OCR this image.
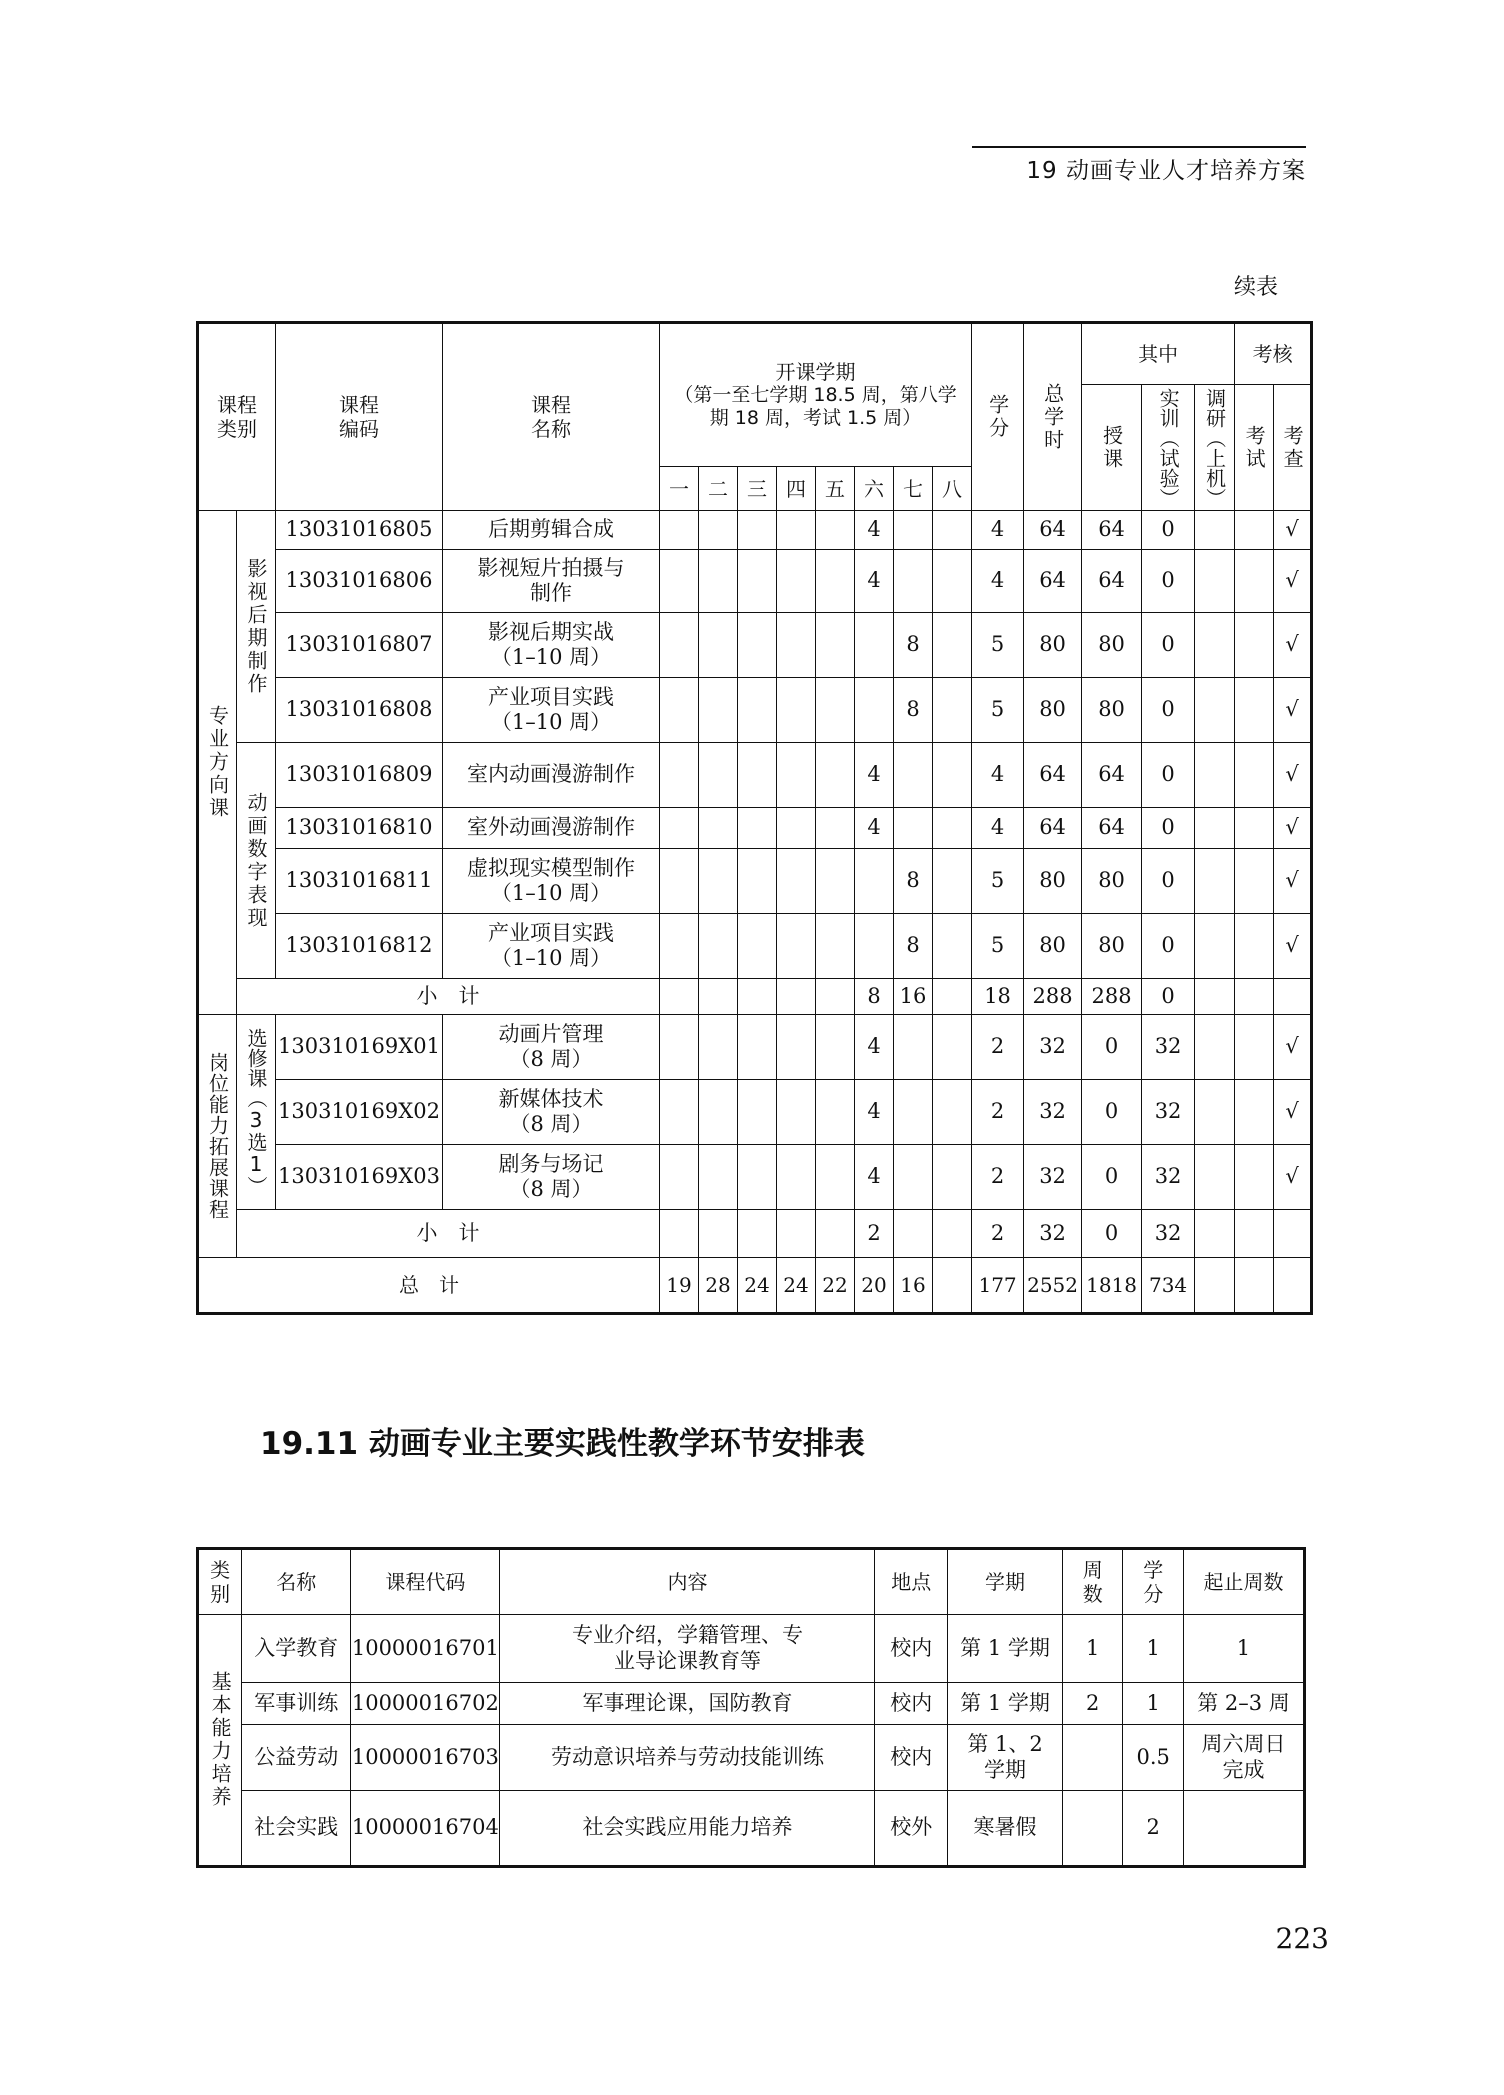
19 动画专业人才培养方案
续表
课程类别		课程编码	课程名称	开课学期
（第一至七学期 18.5 周，第八学期 18 周，考试 1.5 周）								学分	总学时	其中			考核	

														授课	实训（试验）	调研（上机）	考试	考查

				一	二	三	四	五	六	七	八							

专业方向课	影视后期制作	13031016805	后期剪辑合成						4			4	64	64	0			√
		13031016806	影视短片拍摄与制作						4			4	64	64	0			√
		13031016807	影视后期实战（1–10 周）							8		5	80	80	0			√
		13031016808	产业项目实践（1–10 周）							8		5	80	80	0			√

	动画数字表现	13031016809	室内动画漫游制作						4			4	64	64	0			√
		13031016810	室外动画漫游制作						4			4	64	64	0			√
		13031016811	虚拟现实模型制作（1–10 周）							8		5	80	80	0			√
		13031016812	产业项目实践（1–10 周）							8		5	80	80	0			√
	小　计								8	16		18	288	288	0			

岗位能力拓展课程	选修课（3选1）	130310169X01	动画片管理（8 周）						4			2	32	0	32			√
		130310169X02	新媒体技术（8 周）						4			2	32	0	32			√
		130310169X03	剧务与场记（8 周）						4			2	32	0	32			√
	小　计								2			2	32	0	32			
总　计				19	28	24	24	22	20	16		177	2552	1818	734			
19.11 动画专业主要实践性教学环节安排表
类别	名称	课程代码	内容	地点	学期	周数	学分	起止周数

基本能力培养	入学教育	10000016701	专业介绍，学籍管理、专业导论课教育等	校内	第 1 学期	1	1	1
	军事训练	10000016702	军事理论课，国防教育	校内	第 1 学期	2	1	第 2–3 周
	公益劳动	10000016703	劳动意识培养与劳动技能训练	校内	第 1、2 学期		0.5	周六周日完成

	社会实践	10000016704	社会实践应用能力培养	校外	寒暑假		2	
223
